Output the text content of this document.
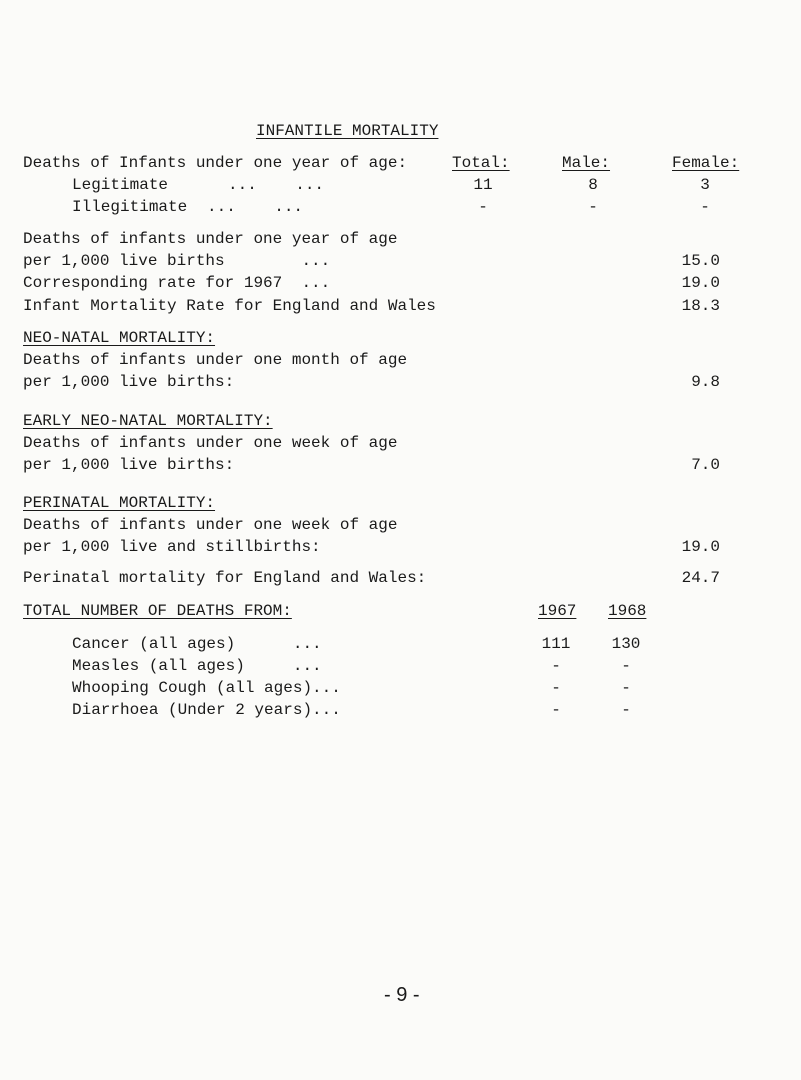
INFANTILE MORTALITY
Deaths of Infants under one year of age:	Total:	Male:	Female:
Legitimate	...    ...	11	8	3
Illegitimate ...    ...	-	-	-
Deaths of infants under one year of age
per 1,000 live births        ...	15.0
Corresponding rate for 1967  ...	19.0
Infant Mortality Rate for England and Wales	18.3
NEO-NATAL MORTALITY:
Deaths of infants under one month of age
per 1,000 live births:	9.8
EARLY NEO-NATAL MORTALITY:
Deaths of infants under one week of age
per 1,000 live births:	7.0
PERINATAL MORTALITY:
Deaths of infants under one week of age
per 1,000 live and stillbirths:	19.0
Perinatal mortality for England and Wales:	24.7
TOTAL NUMBER OF DEATHS FROM:	1967 1968
Cancer (all ages)      ...	111	130
Measles (all ages)     ...	-	-
Whooping Cough (all ages)...	-	-
Diarrhoea (Under 2 years)...	-	-
- 9 -
